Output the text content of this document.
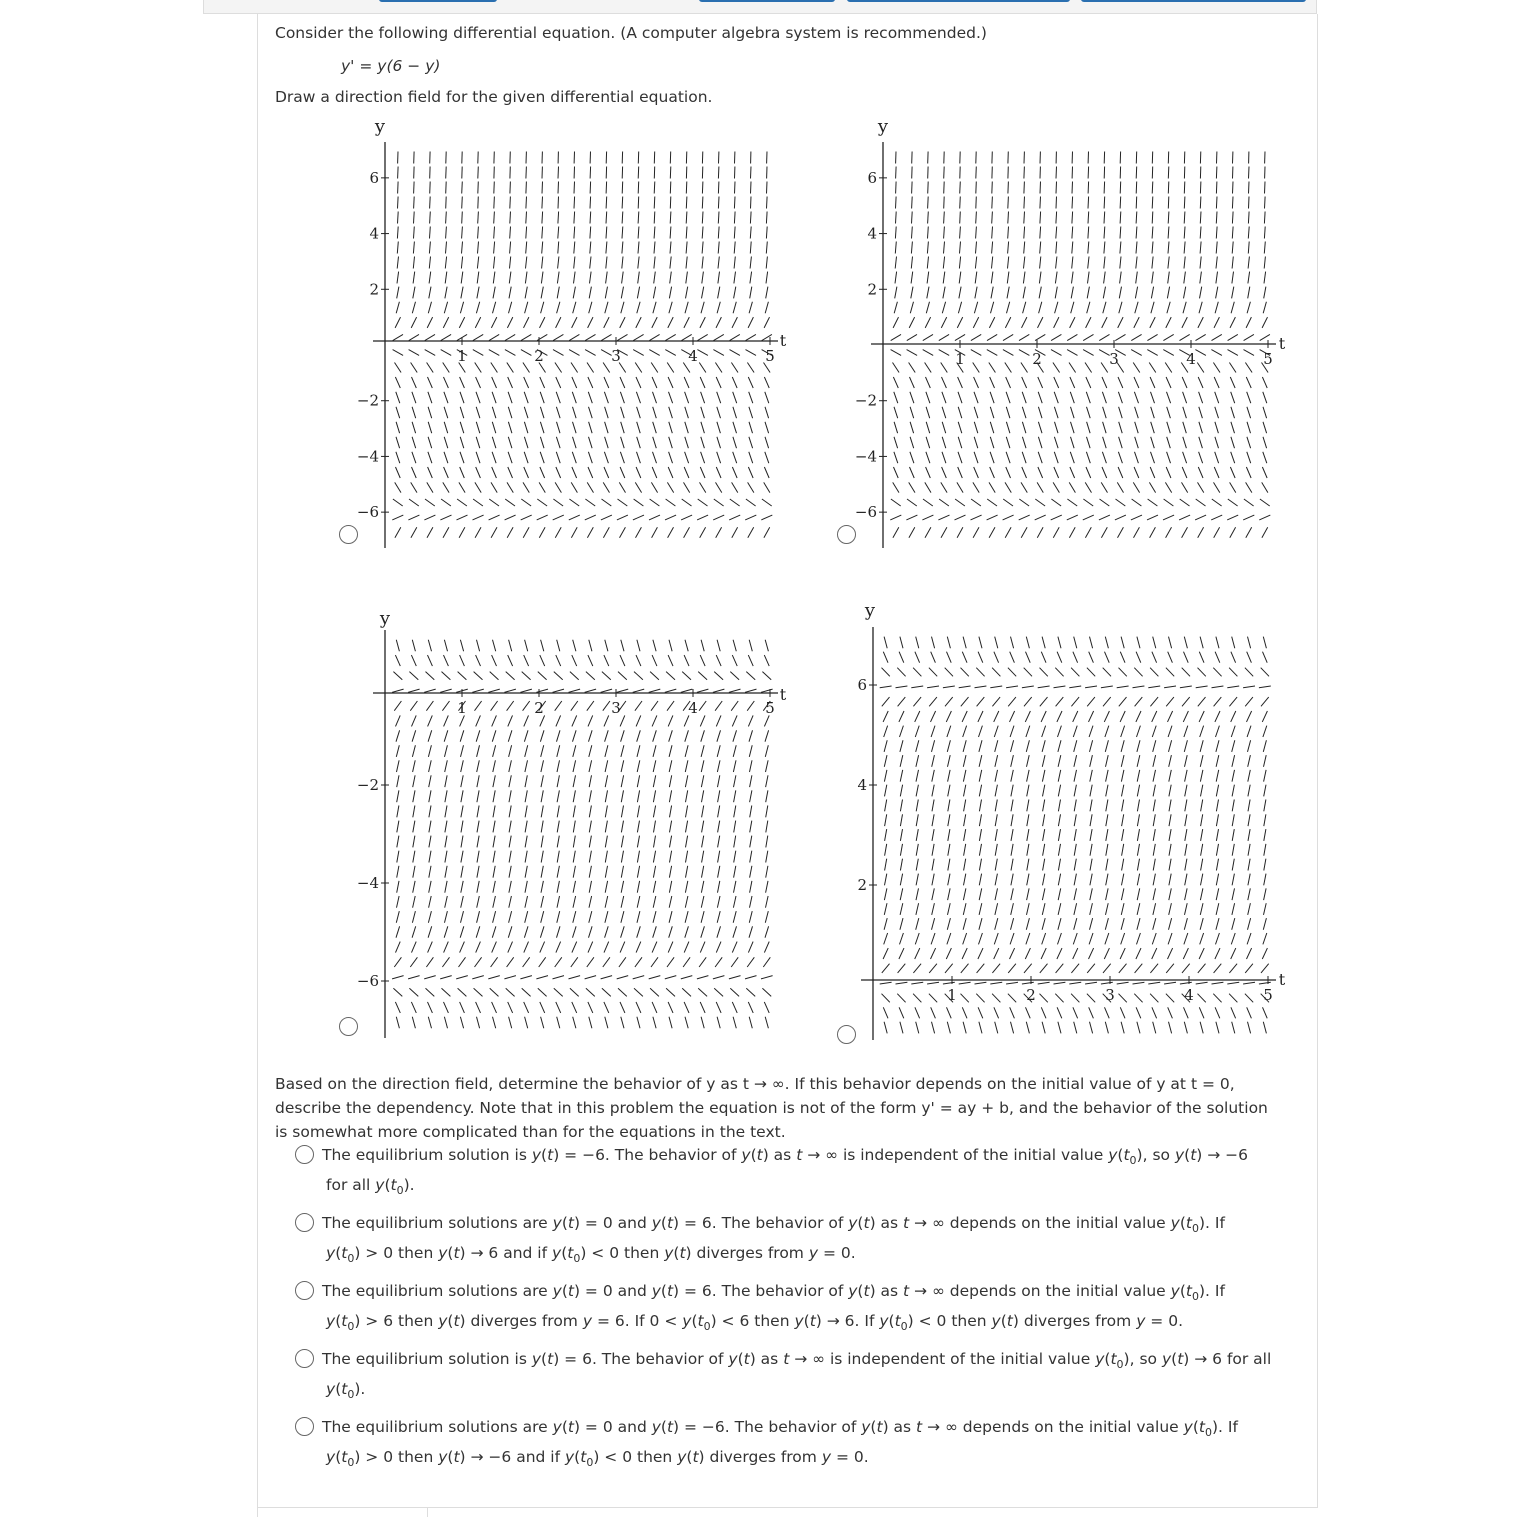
Consider the following differential equation. (A computer algebra system is recommended.)

y' = y(6 − y)

Draw a direction field for the given differential equation.

y
t
1	2	3	4	5
6
4
2
−2
−4
−6
y
t
1	2	3	4	5
6
4
2
−2
−4
−6
y
t
1	2	3	4	5
−2
−4
−6
y
t
1	2	3	4	5
6
4
2

Based on the direction field, determine the behavior of y as t → ∞. If this behavior depends on the initial value of y at t = 0,

describe the dependency. Note that in this problem the equation is not of the form y' = ay + b, and the behavior of the solution

is somewhat more complicated than for the equations in the text.

The equilibrium solution is y(t) = −6. The behavior of y(t) as t → ∞ is independent of the initial value $y(t_0)$, so y(t) → −6
for all $y(t_0)$.
The equilibrium solutions are y(t) = 0 and y(t) = 6. The behavior of y(t) as t → ∞ depends on the initial value $y(t_0)$. If
$y(t_0) > 0$ then y(t) → 6 and if $y(t_0) < 0$ then y(t) diverges from y = 0.
The equilibrium solutions are y(t) = 0 and y(t) = 6. The behavior of y(t) as t → ∞ depends on the initial value $y(t_0)$. If
$y(t_0) > 6$ then y(t) diverges from y = 6. If $0 < y(t_0) < 6$ then y(t) → 6. If $y(t_0) < 0$ then y(t) diverges from y = 0.
The equilibrium solution is y(t) = 6. The behavior of y(t) as t → ∞ is independent of the initial value $y(t_0)$, so y(t) → 6 for all
$y(t_0)$.
The equilibrium solutions are y(t) = 0 and y(t) = −6. The behavior of y(t) as t → ∞ depends on the initial value $y(t_0)$. If
$y(t_0) > 0$ then y(t) → −6 and if $y(t_0) < 0$ then y(t) diverges from y = 0.
